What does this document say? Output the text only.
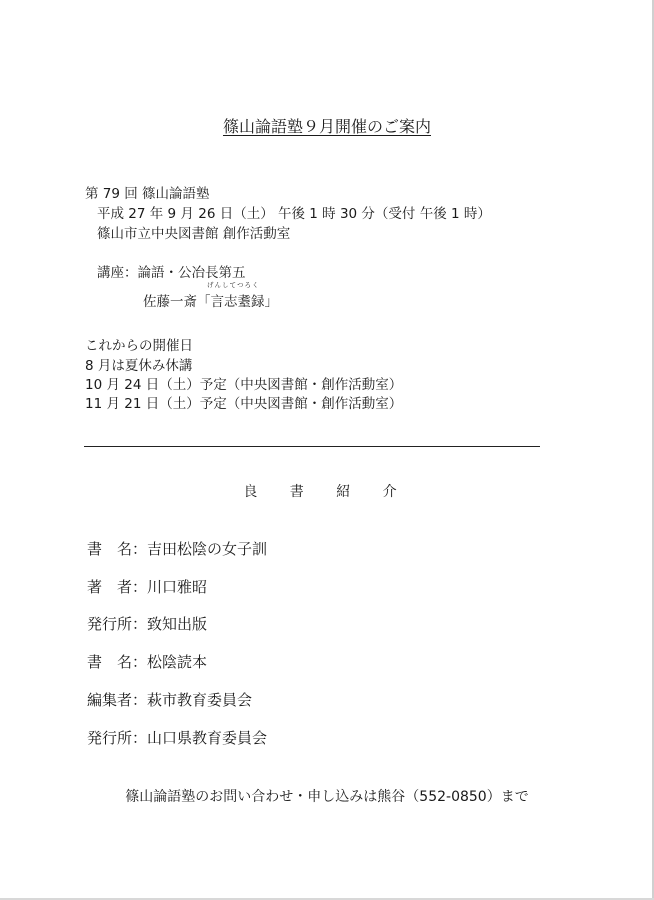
篠山論語塾９月開催のご案内
第 79 回 篠山論語塾
平成 27 年 9 月 26 日（土） 午後 1 時 30 分（受付 午後 1 時）
篠山市立中央図書館 創作活動室
講座：論語・公冶長第五
げんしてつろく
佐藤一斎「言志耋録」
これからの開催日
8 月は夏休み休講
10 月 24 日（土）予定（中央図書館・創作活動室）
11 月 21 日（土）予定（中央図書館・創作活動室）
良 書 紹 介
書　名：吉田松陰の女子訓
著　者：川口雅昭
発行所：致知出版
書　名：松陰読本
編集者：萩市教育委員会
発行所：山口県教育委員会
篠山論語塾のお問い合わせ・申し込みは熊谷（552-0850）まで
